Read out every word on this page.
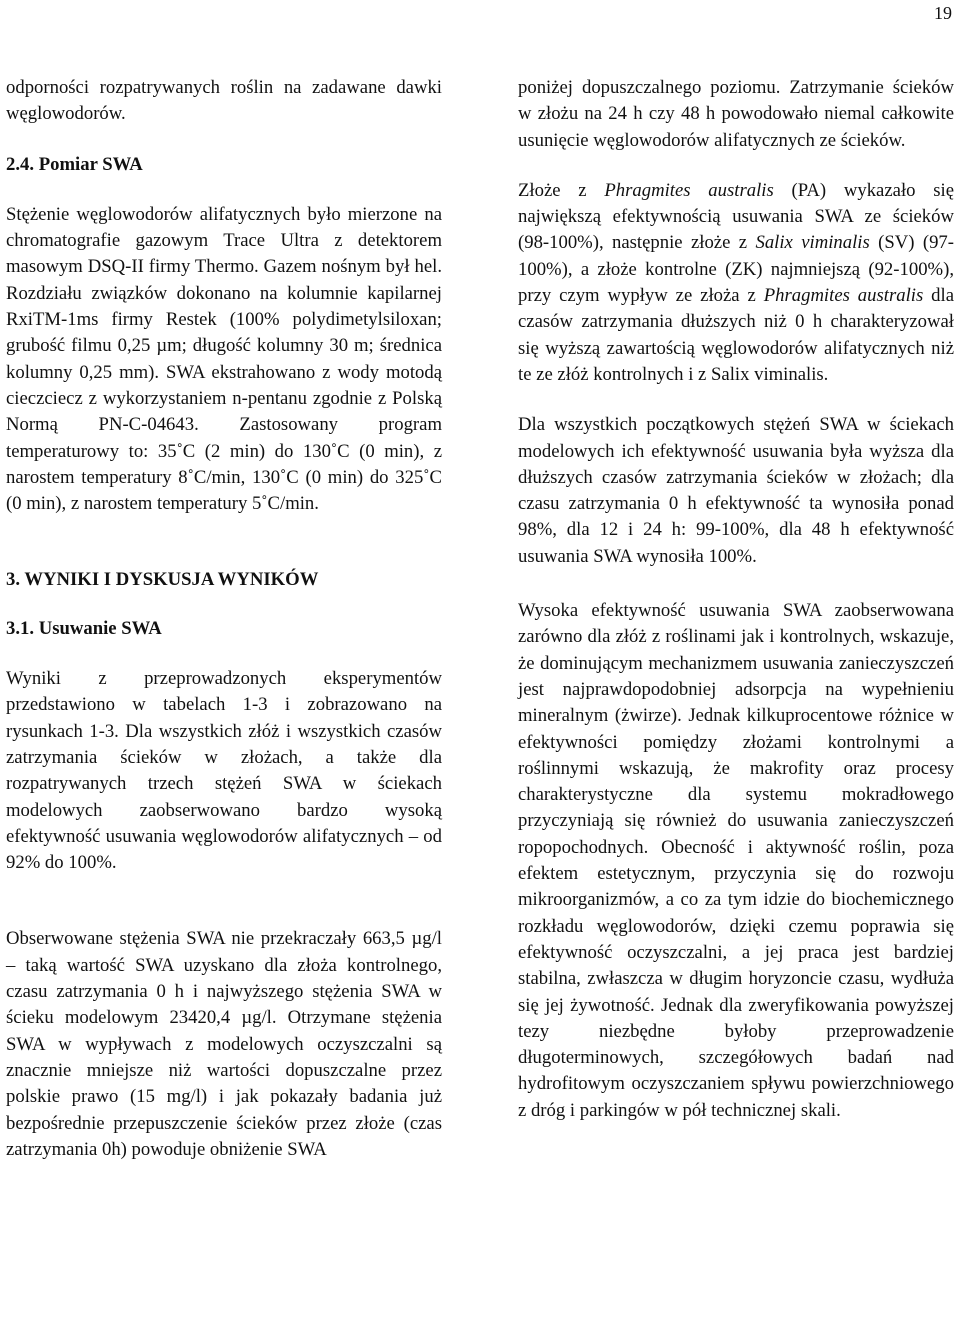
19

odporności rozpatrywanych roślin na zadawane dawki węglowodorów.

2.4. Pomiar SWA

Stężenie węglowodorów alifatycznych było mierzone na chromatografie gazowym Trace Ultra z detektorem masowym DSQ-II firmy Thermo. Gazem nośnym był hel. Rozdziału związków dokonano na kolumnie kapilarnej RxiTM-1ms firmy Restek (100% polydimetylsiloxan; grubość filmu 0,25 µm; długość kolumny 30 m; średnica kolumny 0,25 mm). SWA ekstrahowano z wody motodą cieczciecz z wykorzystaniem n-pentanu zgodnie z Polską Normą PN-C-04643. Zastosowany program temperaturowy to: 35˚C (2 min) do 130˚C (0 min), z narostem temperatury 8˚C/min, 130˚C (0 min) do 325˚C (0 min), z narostem temperatury 5˚C/min.

3. WYNIKI I DYSKUSJA WYNIKÓW
3.1. Usuwanie SWA

Wyniki z przeprowadzonych eksperymentów przedstawiono w tabelach 1-3 i zobrazowano na rysunkach 1-3. Dla wszystkich złóż i wszystkich czasów zatrzymania ścieków w złożach, a także dla rozpatrywanych trzech stężeń SWA w ściekach modelowych zaobserwowano bardzo wysoką efektywność usuwania węglowodorów alifatycznych – od 92% do 100%.

Obserwowane stężenia SWA nie przekraczały 663,5 µg/l – taką wartość SWA uzyskano dla złoża kontrolnego, czasu zatrzymania 0 h i najwyższego stężenia SWA w ścieku modelowym 23420,4 µg/l. Otrzymane stężenia SWA w wypływach z modelowych oczyszczalni są znacznie mniejsze niż wartości dopuszczalne przez polskie prawo (15 mg/l) i jak pokazały badania już bezpośrednie przepuszczenie ścieków przez złoże (czas zatrzymania 0h) powoduje obniżenie SWA

poniżej dopuszczalnego poziomu. Zatrzymanie ścieków w złożu na 24 h czy 48 h powodowało niemal całkowite usunięcie węglowodorów alifatycznych ze ścieków.

Złoże z Phragmites australis (PA) wykazało się największą efektywnością usuwania SWA ze ścieków (98-100%), następnie złoże z Salix viminalis (SV) (97-100%), a złoże kontrolne (ZK) najmniejszą (92-100%), przy czym wypływ ze złoża z Phragmites australis dla czasów zatrzymania dłuższych niż 0 h charakteryzował się wyższą zawartością węglowodorów alifatycznych niż te ze złóż kontrolnych i z Salix viminalis.

Dla wszystkich początkowych stężeń SWA w ściekach modelowych ich efektywność usuwania była wyższa dla dłuższych czasów zatrzymania ścieków w złożach; dla czasu zatrzymania 0 h efektywność ta wynosiła ponad 98%, dla 12 i 24 h: 99-100%, dla 48 h efektywność usuwania SWA wynosiła 100%.

Wysoka efektywność usuwania SWA zaobserwowana zarówno dla złóż z roślinami jak i kontrolnych, wskazuje, że dominującym mechanizmem usuwania zanieczyszczeń jest najprawdopodobniej adsorpcja na wypełnieniu mineralnym (żwirze). Jednak kilkuprocentowe różnice w efektywności pomiędzy złożami kontrolnymi a roślinnymi wskazują, że makrofity oraz procesy charakterystyczne dla systemu mokradłowego przyczyniają się również do usuwania zanieczyszczeń ropopochodnych. Obecność i aktywność roślin, poza efektem estetycznym, przyczynia się do rozwoju mikroorganizmów, a co za tym idzie do biochemicznego rozkładu węglowodorów, dzięki czemu poprawia się efektywność oczyszczalni, a jej praca jest bardziej stabilna, zwłaszcza w długim horyzoncie czasu, wydłuża się jej żywotność. Jednak dla zweryfikowania powyższej tezy niezbędne byłoby przeprowadzenie długoterminowych, szczegółowych badań nad hydrofitowym oczyszczaniem spływu powierzchniowego z dróg i parkingów w pół technicznej skali.
